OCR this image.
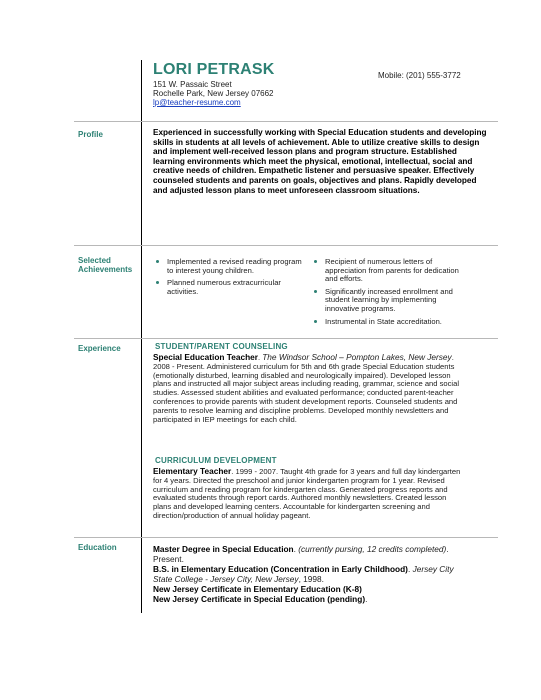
LORI PETRASK
151 W. Passaic Street
Rochelle Park, New Jersey 07662
lp@teacher-resume.com
Mobile: (201) 555-3772
Profile	Experienced in successfully working with Special Education students and developing skills in students at all levels of achievement. Able to utilize creative skills to design and implement well-received lesson plans and program structure. Established learning environments which meet the physical, emotional, intellectual, social and creative needs of children. Empathetic listener and persuasive speaker. Effectively counseled students and parents on goals, objectives and plans. Rapidly developed and adjusted lesson plans to meet unforeseen classroom situations.
Selected
Achievements
Implemented a revised reading program to interest young children.
Planned numerous extracurricular activities.
Recipient of numerous letters of appreciation from parents for dedication and efforts.
Significantly increased enrollment and student learning by implementing innovative programs.
Instrumental in State accreditation.
Experience	STUDENT/PARENT COUNSELING
Special Education Teacher. The Windsor School – Pompton Lakes, New Jersey. 2008 - Present. Administered curriculum for 5th and 6th grade Special Education students (emotionally disturbed, learning disabled and neurologically impaired). Developed lesson plans and instructed all major subject areas including reading, grammar, science and social studies. Assessed student abilities and evaluated performance; conducted parent-teacher conferences to provide parents with student development reports. Counseled students and parents to resolve learning and discipline problems. Developed monthly newsletters and participated in IEP meetings for each child.
CURRICULUM DEVELOPMENT
Elementary Teacher. 1999 - 2007. Taught 4th grade for 3 years and full day kindergarten for 4 years. Directed the preschool and junior kindergarten program for 1 year. Revised curriculum and reading program for kindergarten class. Generated progress reports and evaluated students through report cards. Authored monthly newsletters. Created lesson plans and developed learning centers. Accountable for kindergarten screening and direction/production of annual holiday pageant.
Education	Master Degree in Special Education. (currently pursing, 12 credits completed). Present.
B.S. in Elementary Education (Concentration in Early Childhood). Jersey City State College - Jersey City, New Jersey, 1998.
New Jersey Certificate in Elementary Education (K-8)
New Jersey Certificate in Special Education (pending).
